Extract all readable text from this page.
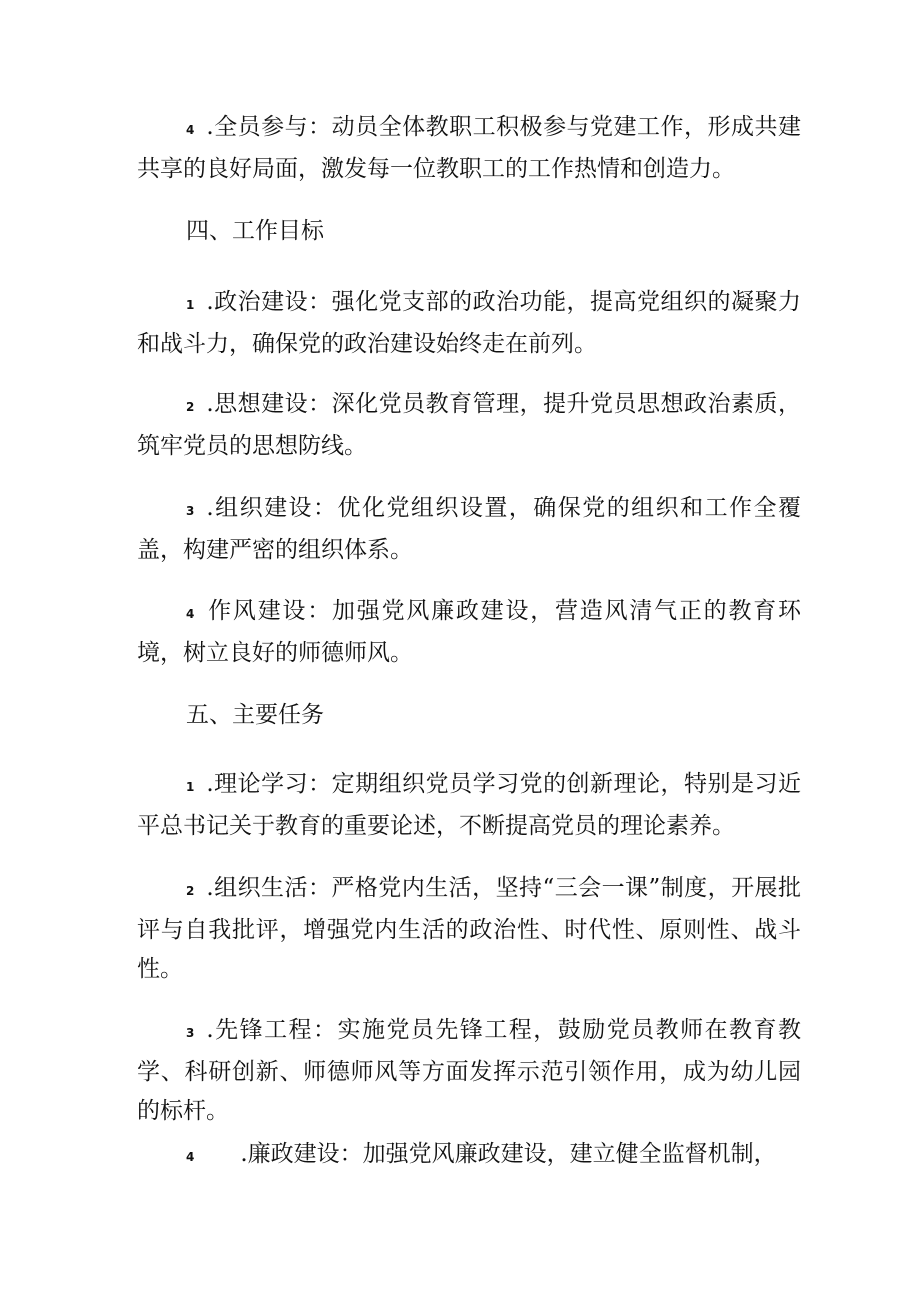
4 .全员参与：动员全体教职工积极参与党建工作，形成共建共享的良好局面，激发每一位教职工的工作热情和创造力。

四、工作目标

1 .政治建设：强化党支部的政治功能，提高党组织的凝聚力和战斗力，确保党的政治建设始终走在前列。

2 .思想建设：深化党员教育管理，提升党员思想政治素质，筑牢党员的思想防线。

3 .组织建设：优化党组织设置，确保党的组织和工作全覆盖，构建严密的组织体系。

4 作风建设：加强党风廉政建设，营造风清气正的教育环境，树立良好的师德师风。

五、主要任务

1 .理论学习：定期组织党员学习党的创新理论，特别是习近平总书记关于教育的重要论述，不断提高党员的理论素养。

2 .组织生活：严格党内生活，坚持“三会一课”制度，开展批评与自我批评，增强党内生活的政治性、时代性、原则性、战斗性。

3 .先锋工程：实施党员先锋工程，鼓励党员教师在教育教学、科研创新、师德师风等方面发挥示范引领作用，成为幼儿园的标杆。

4 .廉政建设：加强党风廉政建设，建立健全监督机制，
